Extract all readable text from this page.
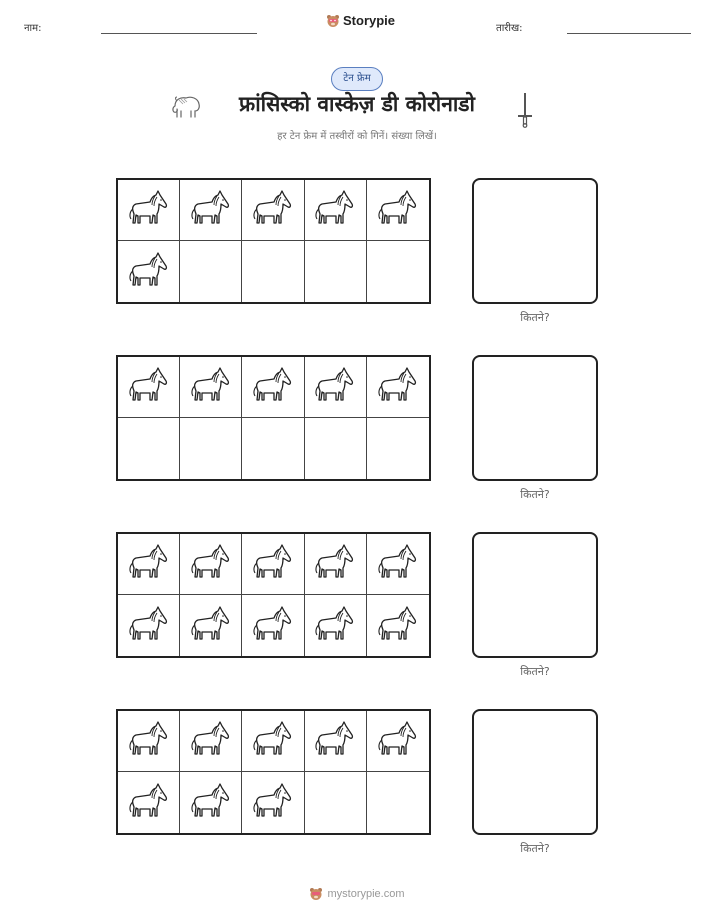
नाम:
Storypie
तारीख:
टेन फ्रेम
फ्रांसिस्को वास्केज़ डी कोरोनाडो
हर टेन फ्रेम में तस्वीरों को गिनें। संख्या लिखें।
कितने?
कितने?
कितने?
कितने?
mystorypie.com
